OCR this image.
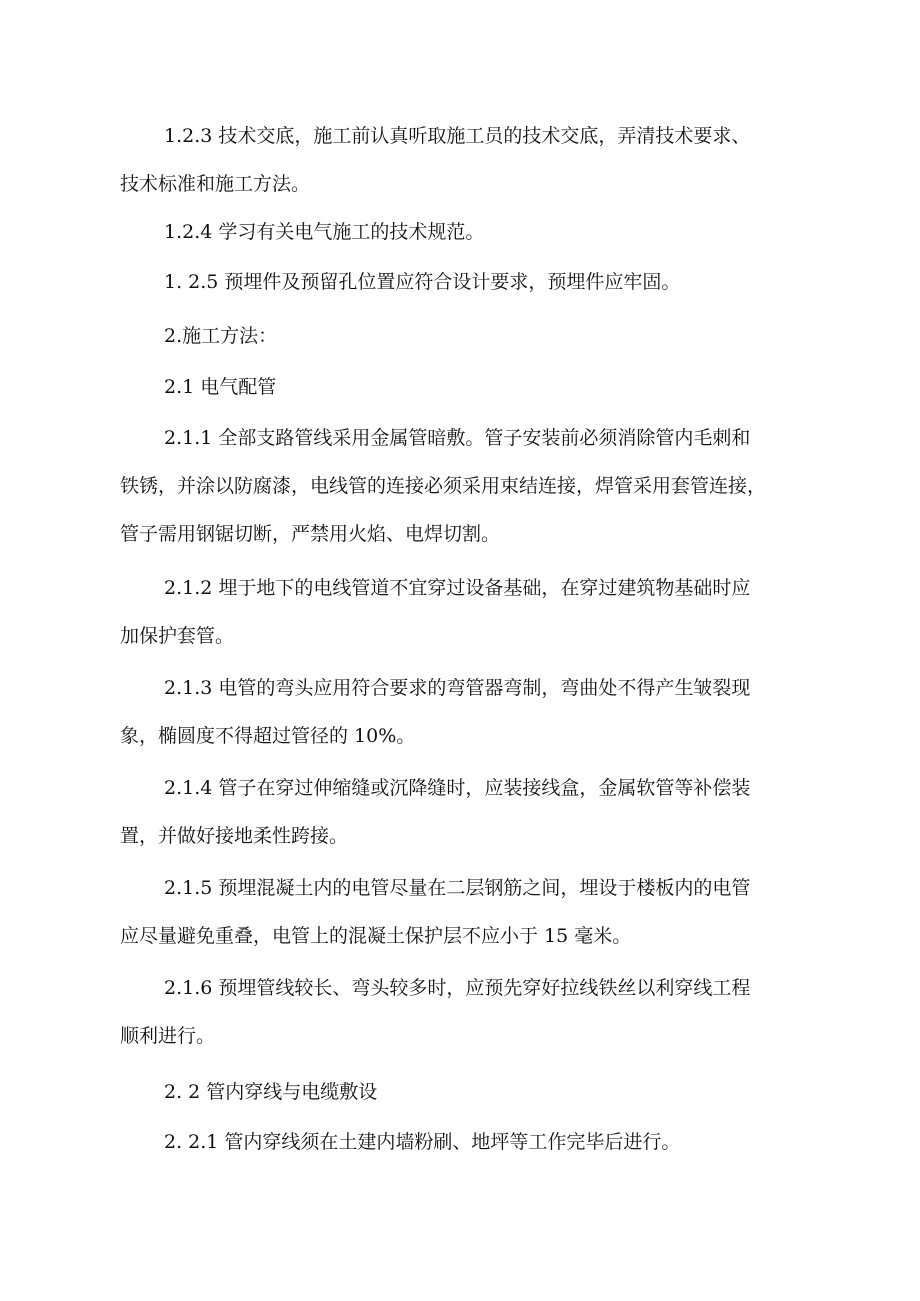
1.2.3 技术交底，施工前认真听取施工员的技术交底，弄清技术要求、
技术标准和施工方法。

1.2.4 学习有关电气施工的技术规范。

1. 2.5 预埋件及预留孔位置应符合设计要求，预埋件应牢固。

2.施工方法：

2.1 电气配管

2.1.1 全部支路管线采用金属管暗敷。管子安装前必须消除管内毛刺和
铁锈，并涂以防腐漆，电线管的连接必须采用束结连接，焊管采用套管连接，
管子需用钢锯切断，严禁用火焰、电焊切割。

2.1.2 埋于地下的电线管道不宜穿过设备基础，在穿过建筑物基础时应
加保护套管。

2.1.3 电管的弯头应用符合要求的弯管器弯制，弯曲处不得产生皱裂现
象，椭圆度不得超过管径的 10%。

2.1.4 管子在穿过伸缩缝或沉降缝时，应装接线盒，金属软管等补偿装
置，并做好接地柔性跨接。

2.1.5 预埋混凝土内的电管尽量在二层钢筋之间，埋设于楼板内的电管
应尽量避免重叠，电管上的混凝土保护层不应小于 15 毫米。

2.1.6 预埋管线较长、弯头较多时，应预先穿好拉线铁丝以利穿线工程
顺利进行。

2. 2 管内穿线与电缆敷设

2. 2.1 管内穿线须在土建内墙粉刷、地坪等工作完毕后进行。
